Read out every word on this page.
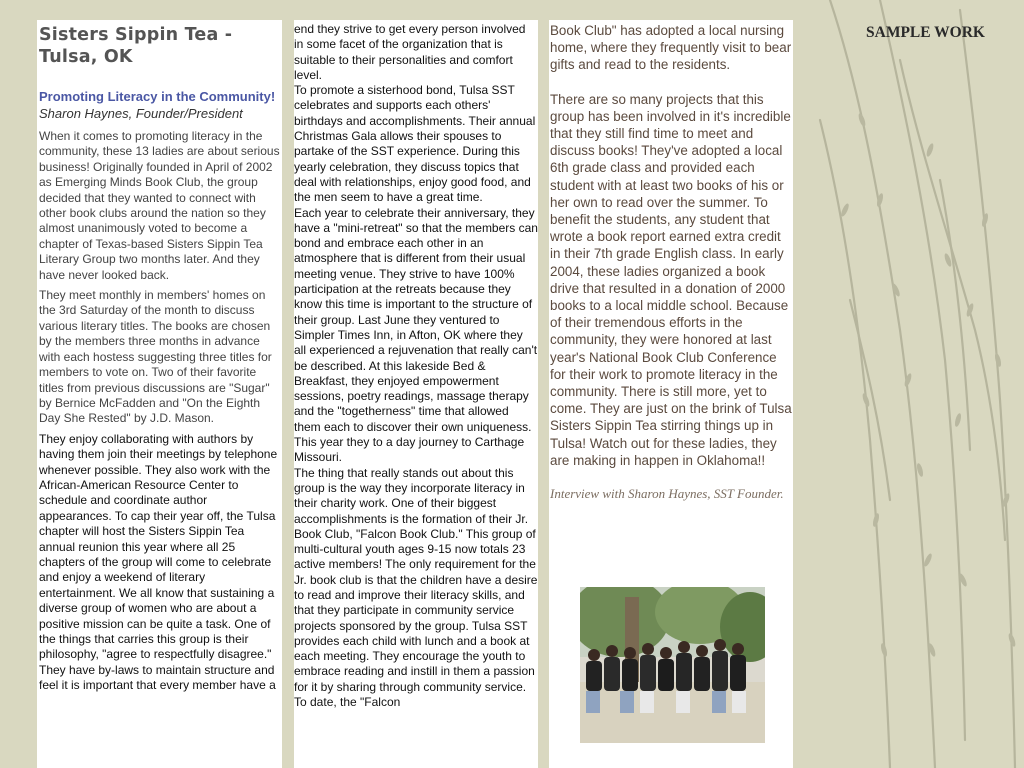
SAMPLE WORK
Sisters Sippin Tea - Tulsa, OK

Promoting Literacy in the Community!

Sharon Haynes, Founder/President

When it comes to promoting literacy in the community, these 13 ladies are about serious business! Originally founded in April of 2002 as Emerging Minds Book Club, the group decided that they wanted to connect with other book clubs around the nation so they almost unanimously voted to become a chapter of Texas-based Sisters Sippin Tea Literary Group two months later. And they have never looked back.

They meet monthly in members' homes on the 3rd Saturday of the month to discuss various literary titles. The books are chosen by the members three months in advance with each hostess suggesting three titles for members to vote on. Two of their favorite titles from previous discussions are "Sugar" by Bernice McFadden and "On the Eighth Day She Rested" by J.D. Mason.

They enjoy collaborating with authors by having them join their meetings by telephone whenever possible. They also work with the African-American Resource Center to schedule and coordinate author appearances. To cap their year off, the Tulsa chapter will host the Sisters Sippin Tea annual reunion this year where all 25 chapters of the group will come to celebrate and enjoy a weekend of literary entertainment. We all know that sustaining a diverse group of women who are about a positive mission can be quite a task. One of the things that carries this group is their philosophy, "agree to respectfully disagree." They have by-laws to maintain structure and feel it is important that every member have a

end they strive to get every person involved in some facet of the organization that is suitable to their personalities and comfort level.

To promote a sisterhood bond, Tulsa SST celebrates and supports each others' birthdays and accomplishments. Their annual Christmas Gala allows their spouses to partake of the SST experience. During this yearly celebration, they discuss topics that deal with relationships, enjoy good food, and the men seem to have a great time.

Each year to celebrate their anniversary, they have a "mini-retreat" so that the members can bond and embrace each other in an atmosphere that is different from their usual meeting venue. They strive to have 100% participation at the retreats because they know this time is important to the structure of their group. Last June they ventured to Simpler Times Inn, in Afton, OK where they all experienced a rejuvenation that really can't be described. At this lakeside Bed & Breakfast, they enjoyed empowerment sessions, poetry readings, massage therapy and the "togetherness" time that allowed them each to discover their own uniqueness. This year they to a day journey to Carthage Missouri.

The thing that really stands out about this group is the way they incorporate literacy in their charity work. One of their biggest accomplishments is the formation of their Jr. Book Club, "Falcon Book Club." This group of multi-cultural youth ages 9-15 now totals 23 active members! The only requirement for the Jr. book club is that the children have a desire to read and improve their literacy skills, and that they participate in community service projects sponsored by the group. Tulsa SST provides each child with lunch and a book at each meeting. They encourage the youth to embrace reading and instill in them a passion for it by sharing through community service. To date, the "Falcon

Book Club" has adopted a local nursing home, where they frequently visit to bear gifts and read to the residents.

There are so many projects that this group has been involved in it's incredible that they still find time to meet and discuss books! They've adopted a local 6th grade class and provided each student with at least two books of his or her own to read over the summer. To benefit the students, any student that wrote a book report earned extra credit in their 7th grade English class. In early 2004, these ladies organized a book drive that resulted in a donation of 2000 books to a local middle school. Because of their tremendous efforts in the community, they were honored at last year's National Book Club Conference for their work to promote literacy in the community. There is still more, yet to come. They are just on the brink of Tulsa Sisters Sippin Tea stirring things up in Tulsa! Watch out for these ladies, they are making in happen in Oklahoma!!

Interview with Sharon Haynes, SST Founder.
